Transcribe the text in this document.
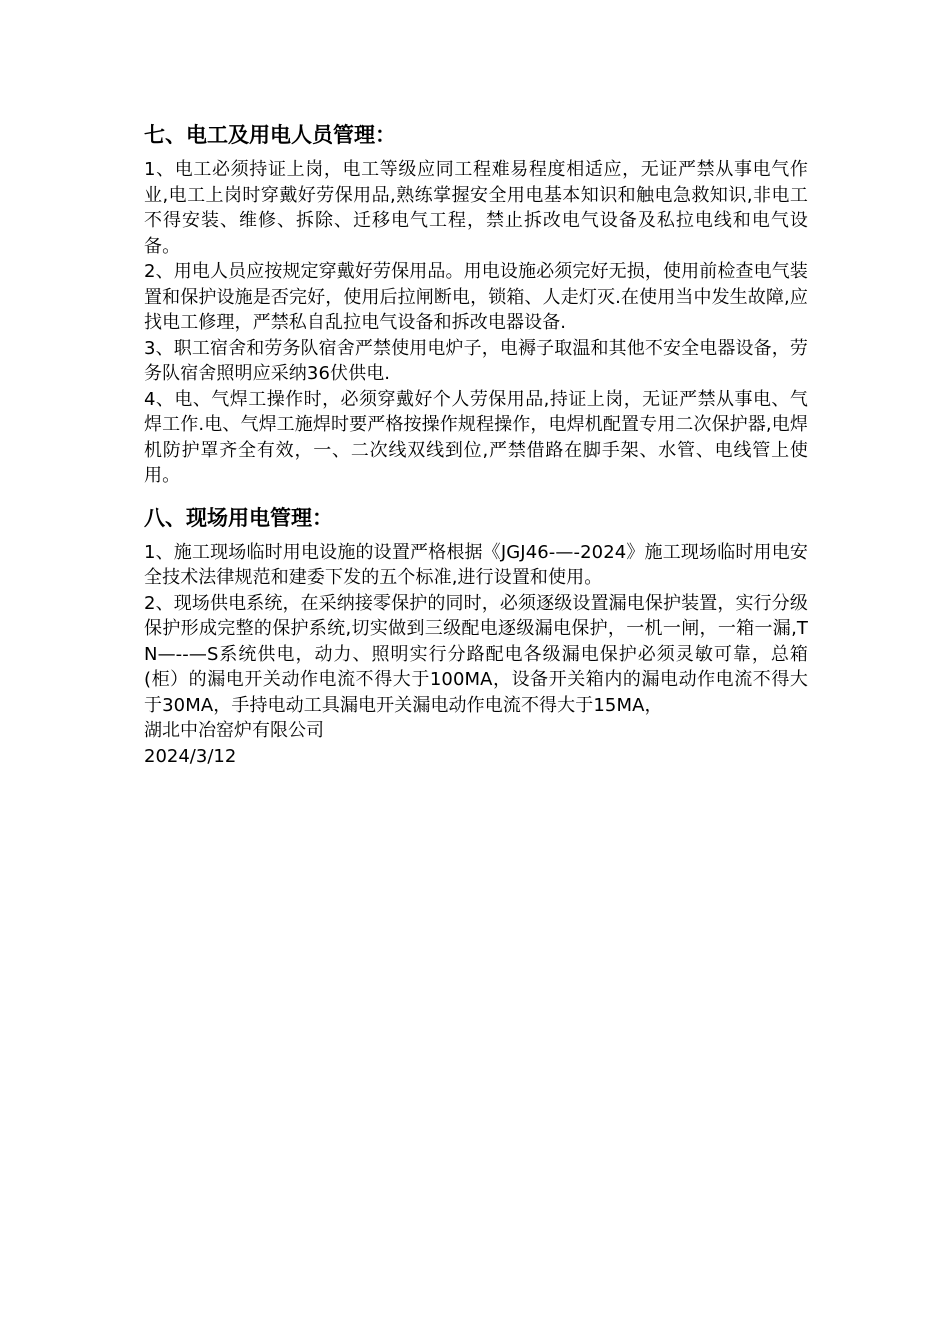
七、电工及用电人员管理：

1、电工必须持证上岗，电工等级应同工程难易程度相适应，无证严禁从事电气作业,电工上岗时穿戴好劳保用品,熟练掌握安全用电基本知识和触电急救知识,非电工不得安装、维修、拆除、迁移电气工程，禁止拆改电气设备及私拉电线和电气设备。

2、用电人员应按规定穿戴好劳保用品。用电设施必须完好无损，使用前检查电气装置和保护设施是否完好，使用后拉闸断电，锁箱、人走灯灭.在使用当中发生故障,应找电工修理，严禁私自乱拉电气设备和拆改电器设备.

3、职工宿舍和劳务队宿舍严禁使用电炉子，电褥子取温和其他不安全电器设备，劳务队宿舍照明应采纳36伏供电.

4、电、气焊工操作时，必须穿戴好个人劳保用品,持证上岗，无证严禁从事电、气焊工作.电、气焊工施焊时要严格按操作规程操作，电焊机配置专用二次保护器,电焊机防护罩齐全有效，一、二次线双线到位,严禁借路在脚手架、水管、电线管上使用。

八、现场用电管理：

1、施工现场临时用电设施的设置严格根据《JGJ46-—-2024》施工现场临时用电安全技术法律规范和建委下发的五个标准,进行设置和使用。

2、现场供电系统，在采纳接零保护的同时，必须逐级设置漏电保护装置，实行分级保护形成完整的保护系统,切实做到三级配电逐级漏电保护，一机一闸，一箱一漏,TN—--—S系统供电，动力、照明实行分路配电各级漏电保护必须灵敏可靠，总箱(柜）的漏电开关动作电流不得大于100MA，设备开关箱内的漏电动作电流不得大于30MA，手持电动工具漏电开关漏电动作电流不得大于15MA，

湖北中冶窑炉有限公司

2024/3/12
